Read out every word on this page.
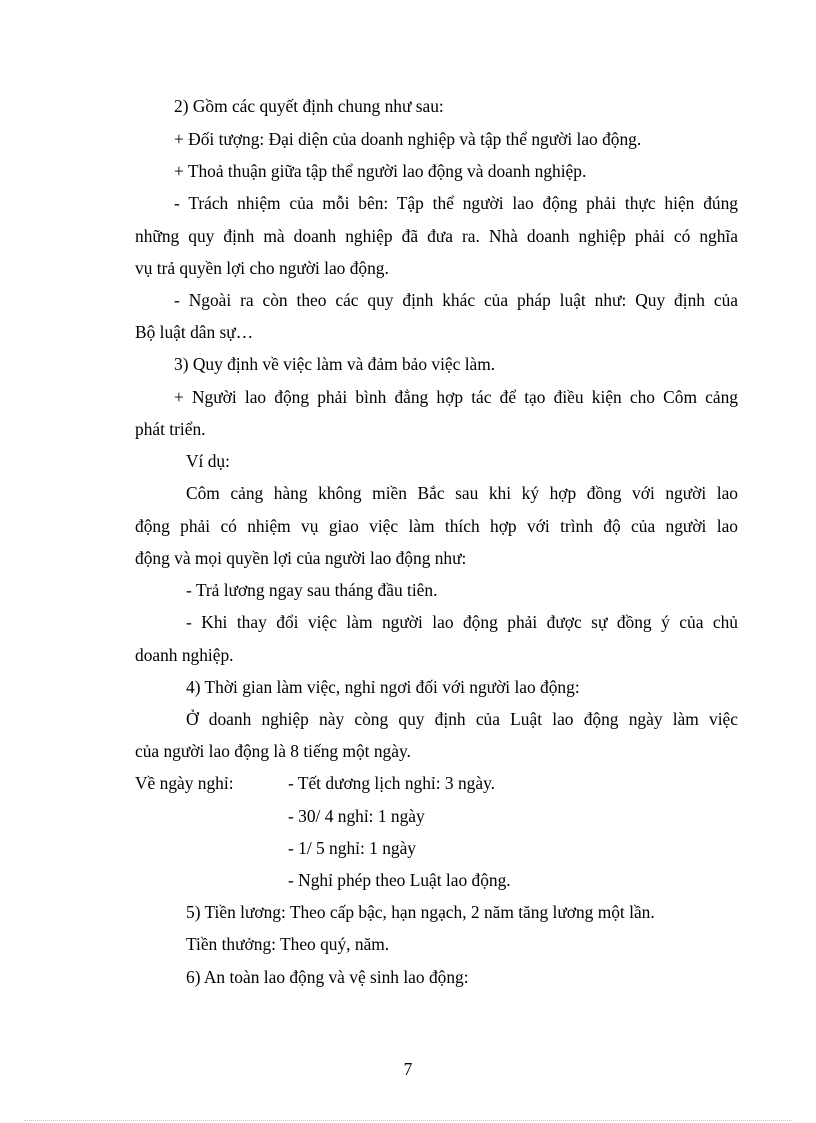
2) Gồm các quyết định chung như sau:
+ Đối tượng: Đại diện của doanh nghiệp và tập thể người lao động.
+ Thoả thuận giữa tập thể người lao động và doanh nghiệp.
- Trách nhiệm của mỗi bên: Tập thể người lao động phải thực hiện đúng
những quy định mà doanh nghiệp đã đưa ra. Nhà doanh nghiệp phải có nghĩa
vụ trả quyền lợi cho người lao động.
- Ngoài ra còn theo các quy định khác của pháp luật như: Quy định của
Bộ luật dân sự…
3) Quy định về việc làm và đảm bảo việc làm.
+ Người lao động phải bình đẳng hợp tác để tạo điều kiện cho Côm cảng
phát triển.
Ví dụ:
Côm cảng hàng không miền Bắc sau khi ký hợp đồng với người lao
động phải có nhiệm vụ giao việc làm thích hợp với trình độ của người lao
động và mọi quyền lợi của người lao động như:
- Trả lương ngay sau tháng đầu tiên.
- Khi thay đổi việc làm người lao động phải được sự đồng ý của chủ
doanh nghiệp.
4) Thời gian làm việc, nghỉ ngơi đối với người lao động:
Ở doanh nghiệp này còng quy định của Luật lao động ngày làm việc
của người lao động là 8 tiếng một ngày.
Về ngày nghỉ:	- Tết dương lịch nghỉ: 3 ngày.
- 30/ 4 nghỉ: 1 ngày
- 1/ 5 nghỉ: 1 ngày
- Nghỉ phép theo Luật lao động.
5) Tiền lương: Theo cấp bậc, hạn ngạch, 2 năm tăng lương một lần.
Tiền thưởng: Theo quý, năm.
6) An toàn lao động và vệ sinh lao động:
7
